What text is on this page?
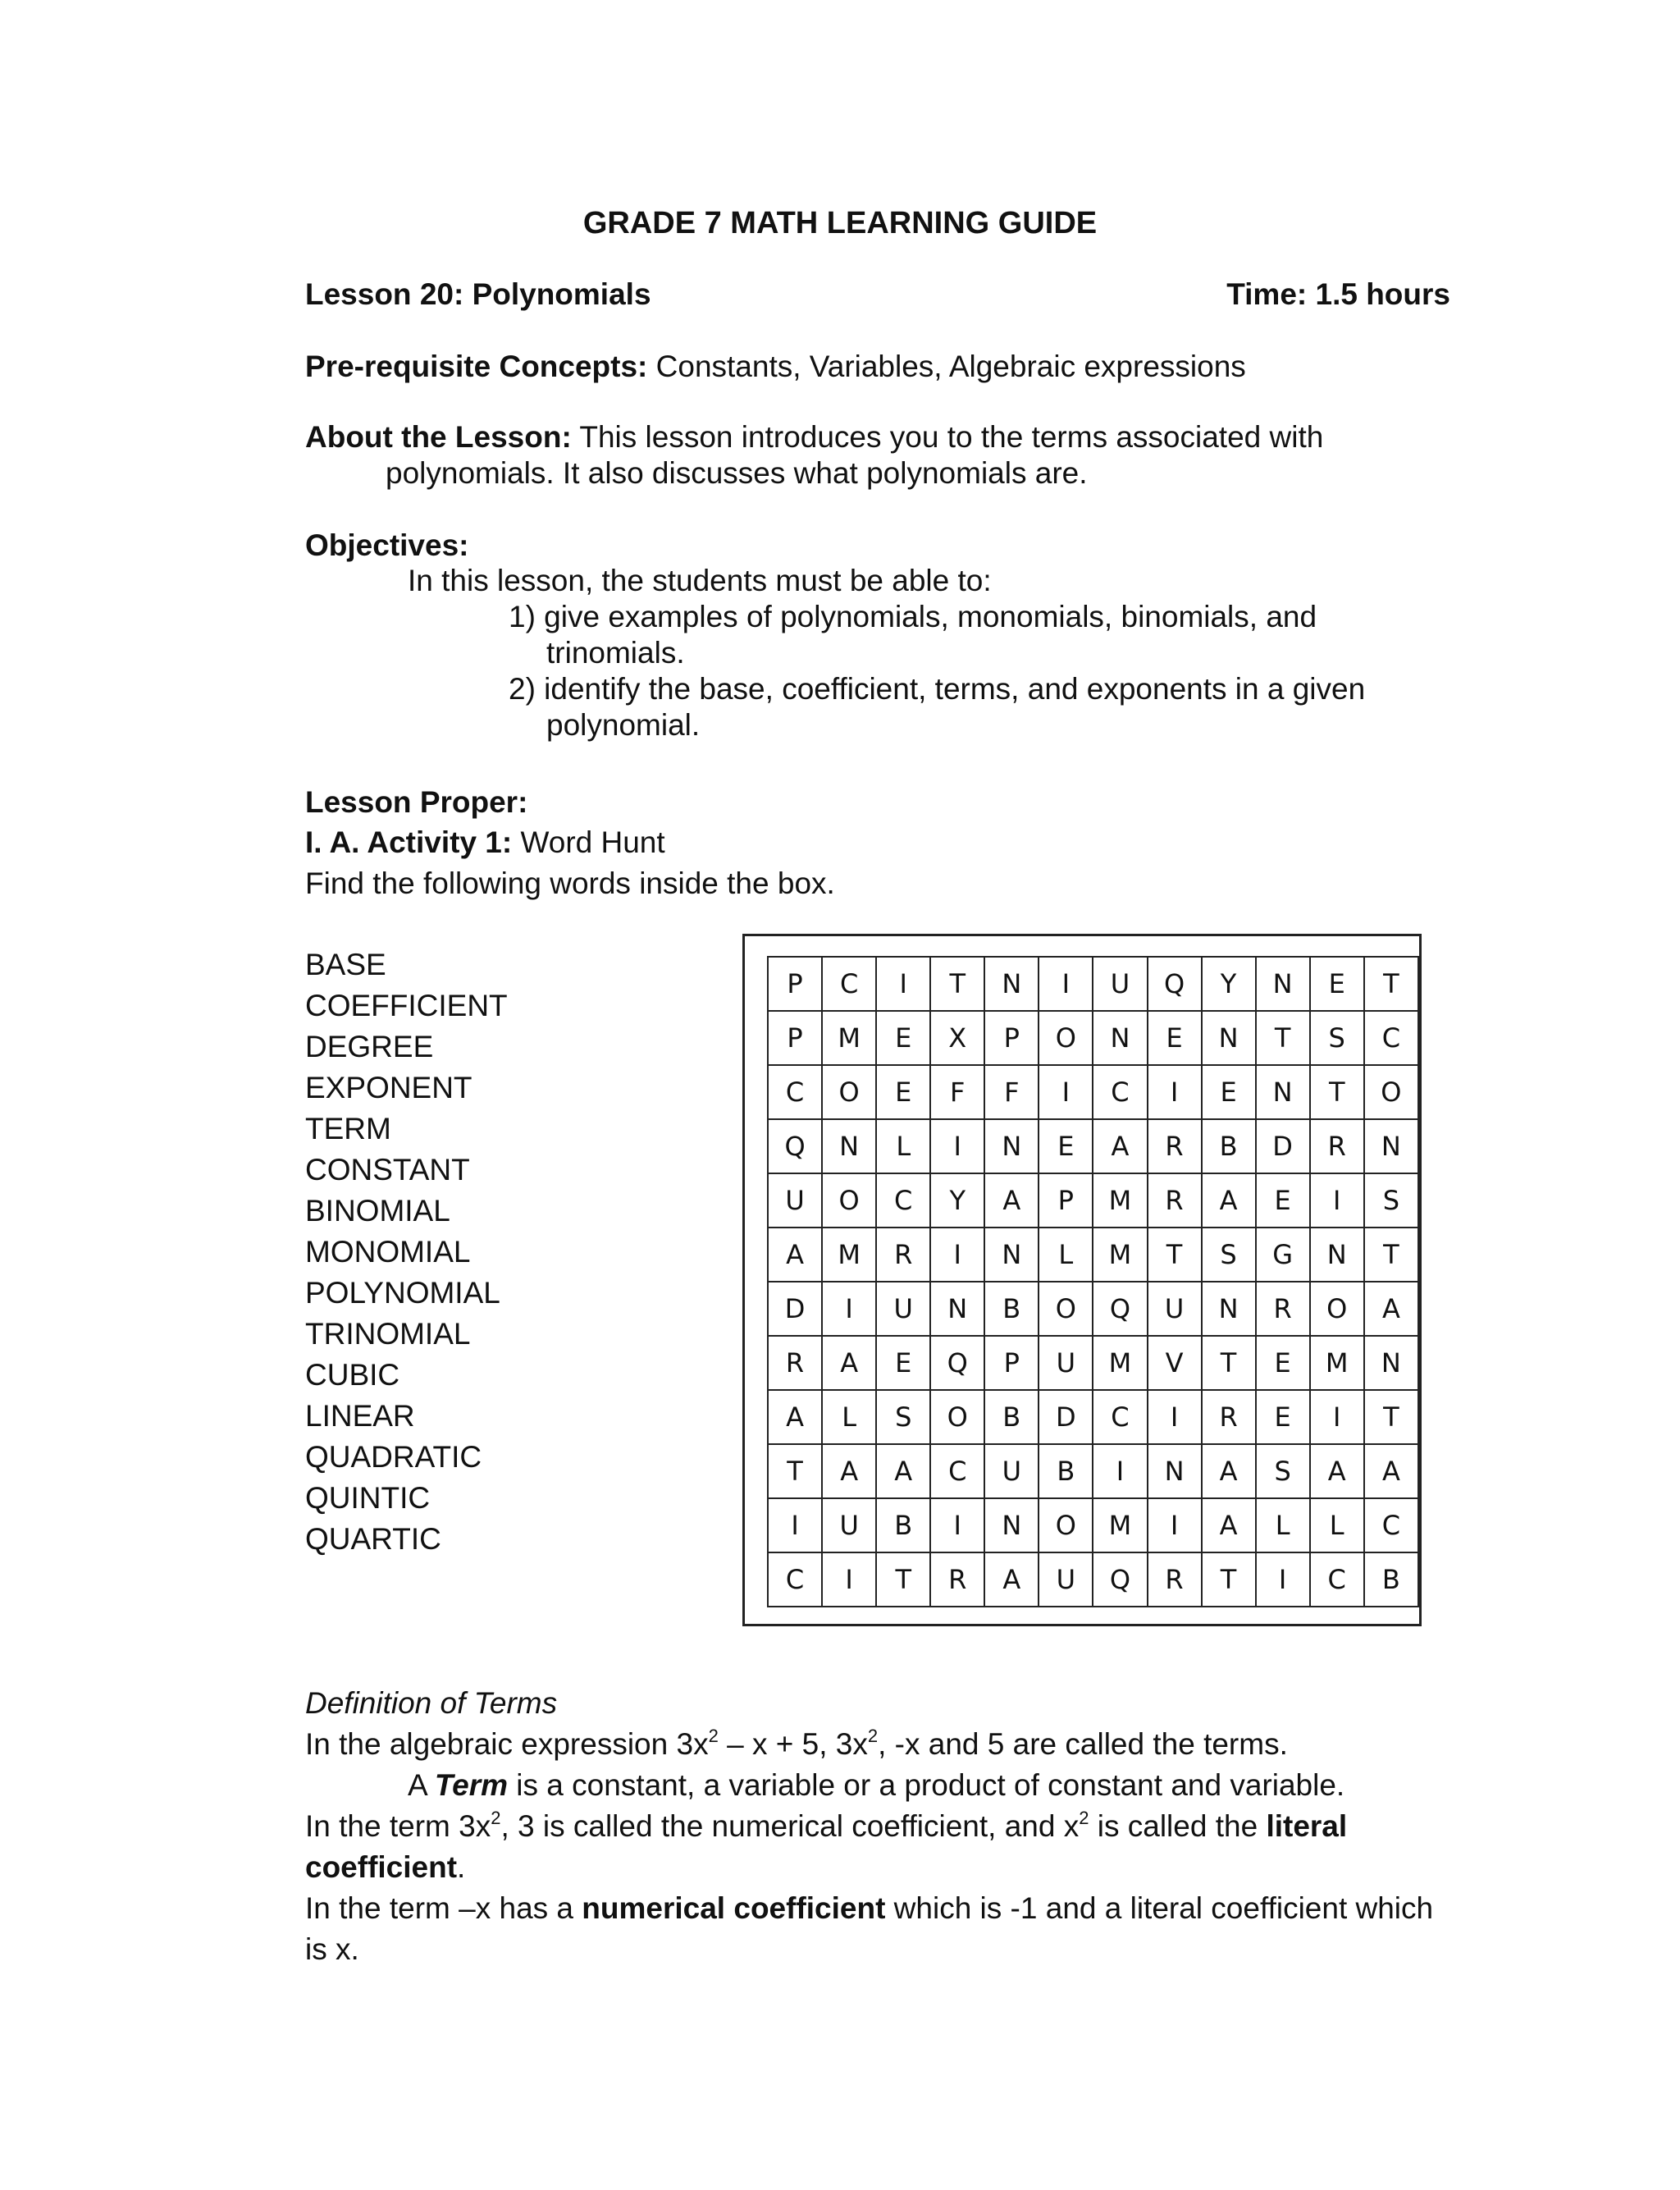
GRADE 7 MATH LEARNING GUIDE
Lesson 20: Polynomials	Time: 1.5 hours
Pre-requisite Concepts: Constants, Variables, Algebraic expressions
About the Lesson: This lesson introduces you to the terms associated with
polynomials. It also discusses what polynomials are.
Objectives:
In this lesson, the students must be able to:
1) give examples of polynomials, monomials, binomials, and
trinomials.
2) identify the base, coefficient, terms, and exponents in a given
polynomial.
Lesson Proper:
I. A. Activity 1: Word Hunt
Find the following words inside the box.
BASE
COEFFICIENT
DEGREE
EXPONENT
TERM
CONSTANT
BINOMIAL
MONOMIAL
POLYNOMIAL
TRINOMIAL
CUBIC
LINEAR
QUADRATIC
QUINTIC
QUARTIC
P	C	I	T	N	I	U	Q	Y	N	E	T
P	M	E	X	P	O	N	E	N	T	S	C
C	O	E	F	F	I	C	I	E	N	T	O
Q	N	L	I	N	E	A	R	B	D	R	N
U	O	C	Y	A	P	M	R	A	E	I	S
A	M	R	I	N	L	M	T	S	G	N	T
D	I	U	N	B	O	Q	U	N	R	O	A
R	A	E	Q	P	U	M	V	T	E	M	N
A	L	S	O	B	D	C	I	R	E	I	T
T	A	A	C	U	B	I	N	A	S	A	A
I	U	B	I	N	O	M	I	A	L	L	C
C	I	T	R	A	U	Q	R	T	I	C	B
Definition of Terms
In the algebraic expression $3x^2 - x + 5$, $3x^2$, -x and 5 are called the terms.
A Term is a constant, a variable or a product of constant and variable.
In the term $3x^2$, 3 is called the numerical coefficient, and $x^2$ is called the literal
coefficient.
In the term –x has a numerical coefficient which is -1 and a literal coefficient which
is x.
